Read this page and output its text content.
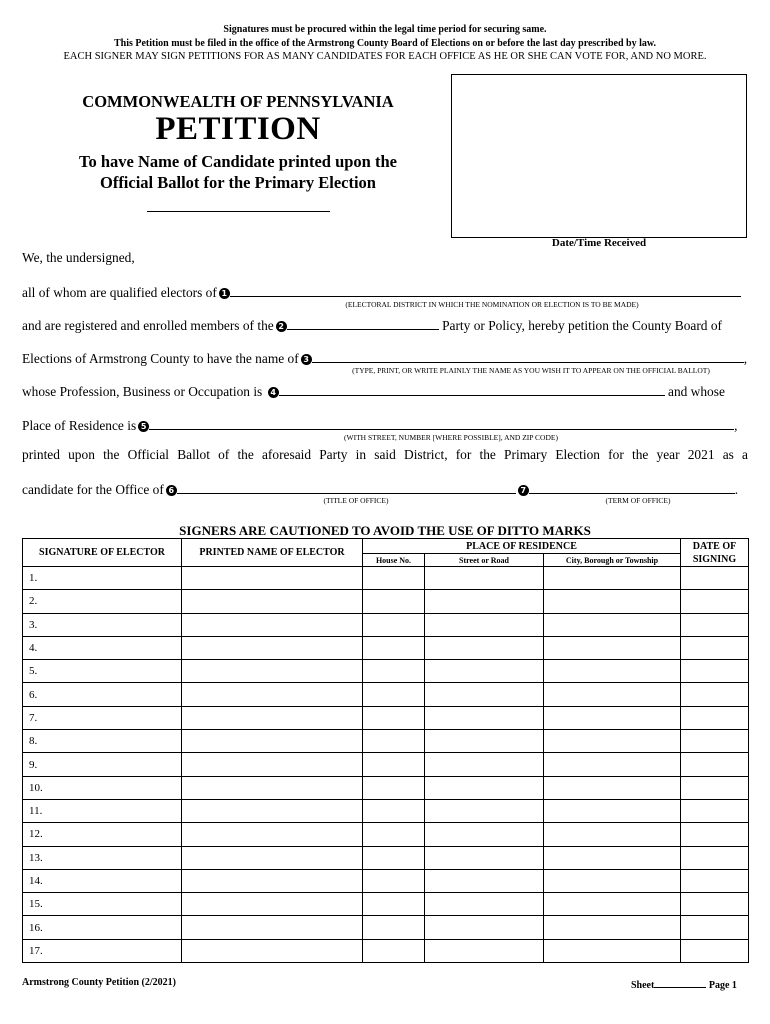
Signatures must be procured within the legal time period for securing same.
This Petition must be filed in the office of the Armstrong County Board of Elections on or before the last day prescribed by law.
EACH SIGNER MAY SIGN PETITIONS FOR AS MANY CANDIDATES FOR EACH OFFICE AS HE OR SHE CAN VOTE FOR, AND NO MORE.
COMMONWEALTH OF PENNSYLVANIA
PETITION
To have Name of Candidate printed upon the
Official Ballot for the Primary Election
Date/Time Received
We, the undersigned,
all of whom are qualified electors of 1
(ELECTORAL DISTRICT IN WHICH THE NOMINATION OR ELECTION IS TO BE MADE)
and are registered and enrolled members of the 2	Party or Policy, hereby petition the County Board of
Elections of Armstrong County to have the name of 3	,
(TYPE, PRINT, OR WRITE PLAINLY THE NAME AS YOU WISH IT TO APPEAR ON THE OFFICIAL BALLOT)
whose Profession, Business or Occupation is 4	and whose
Place of Residence is 5	,
(WITH STREET, NUMBER [WHERE POSSIBLE], AND ZIP CODE)
printed upon the Official Ballot of the aforesaid Party in said District, for the Primary Election for the year 2021 as a
candidate for the Office of 6	7	.
(TITLE OF OFFICE)	(TERM OF OFFICE)
SIGNERS ARE CAUTIONED TO AVOID THE USE OF DITTO MARKS
SIGNATURE OF ELECTOR	PRINTED NAME OF ELECTOR	PLACE OF RESIDENCE			DATE OF
SIGNING

		House No.	Street or Road	City, Borough or Township	
1.					
2.					
3.					
4.					
5.					
6.					
7.					
8.					
9.					
10.					
11.					
12.					
13.					
14.					
15.					
16.					
17.					
Armstrong County Petition (2/2021)	Sheet	Page 1
